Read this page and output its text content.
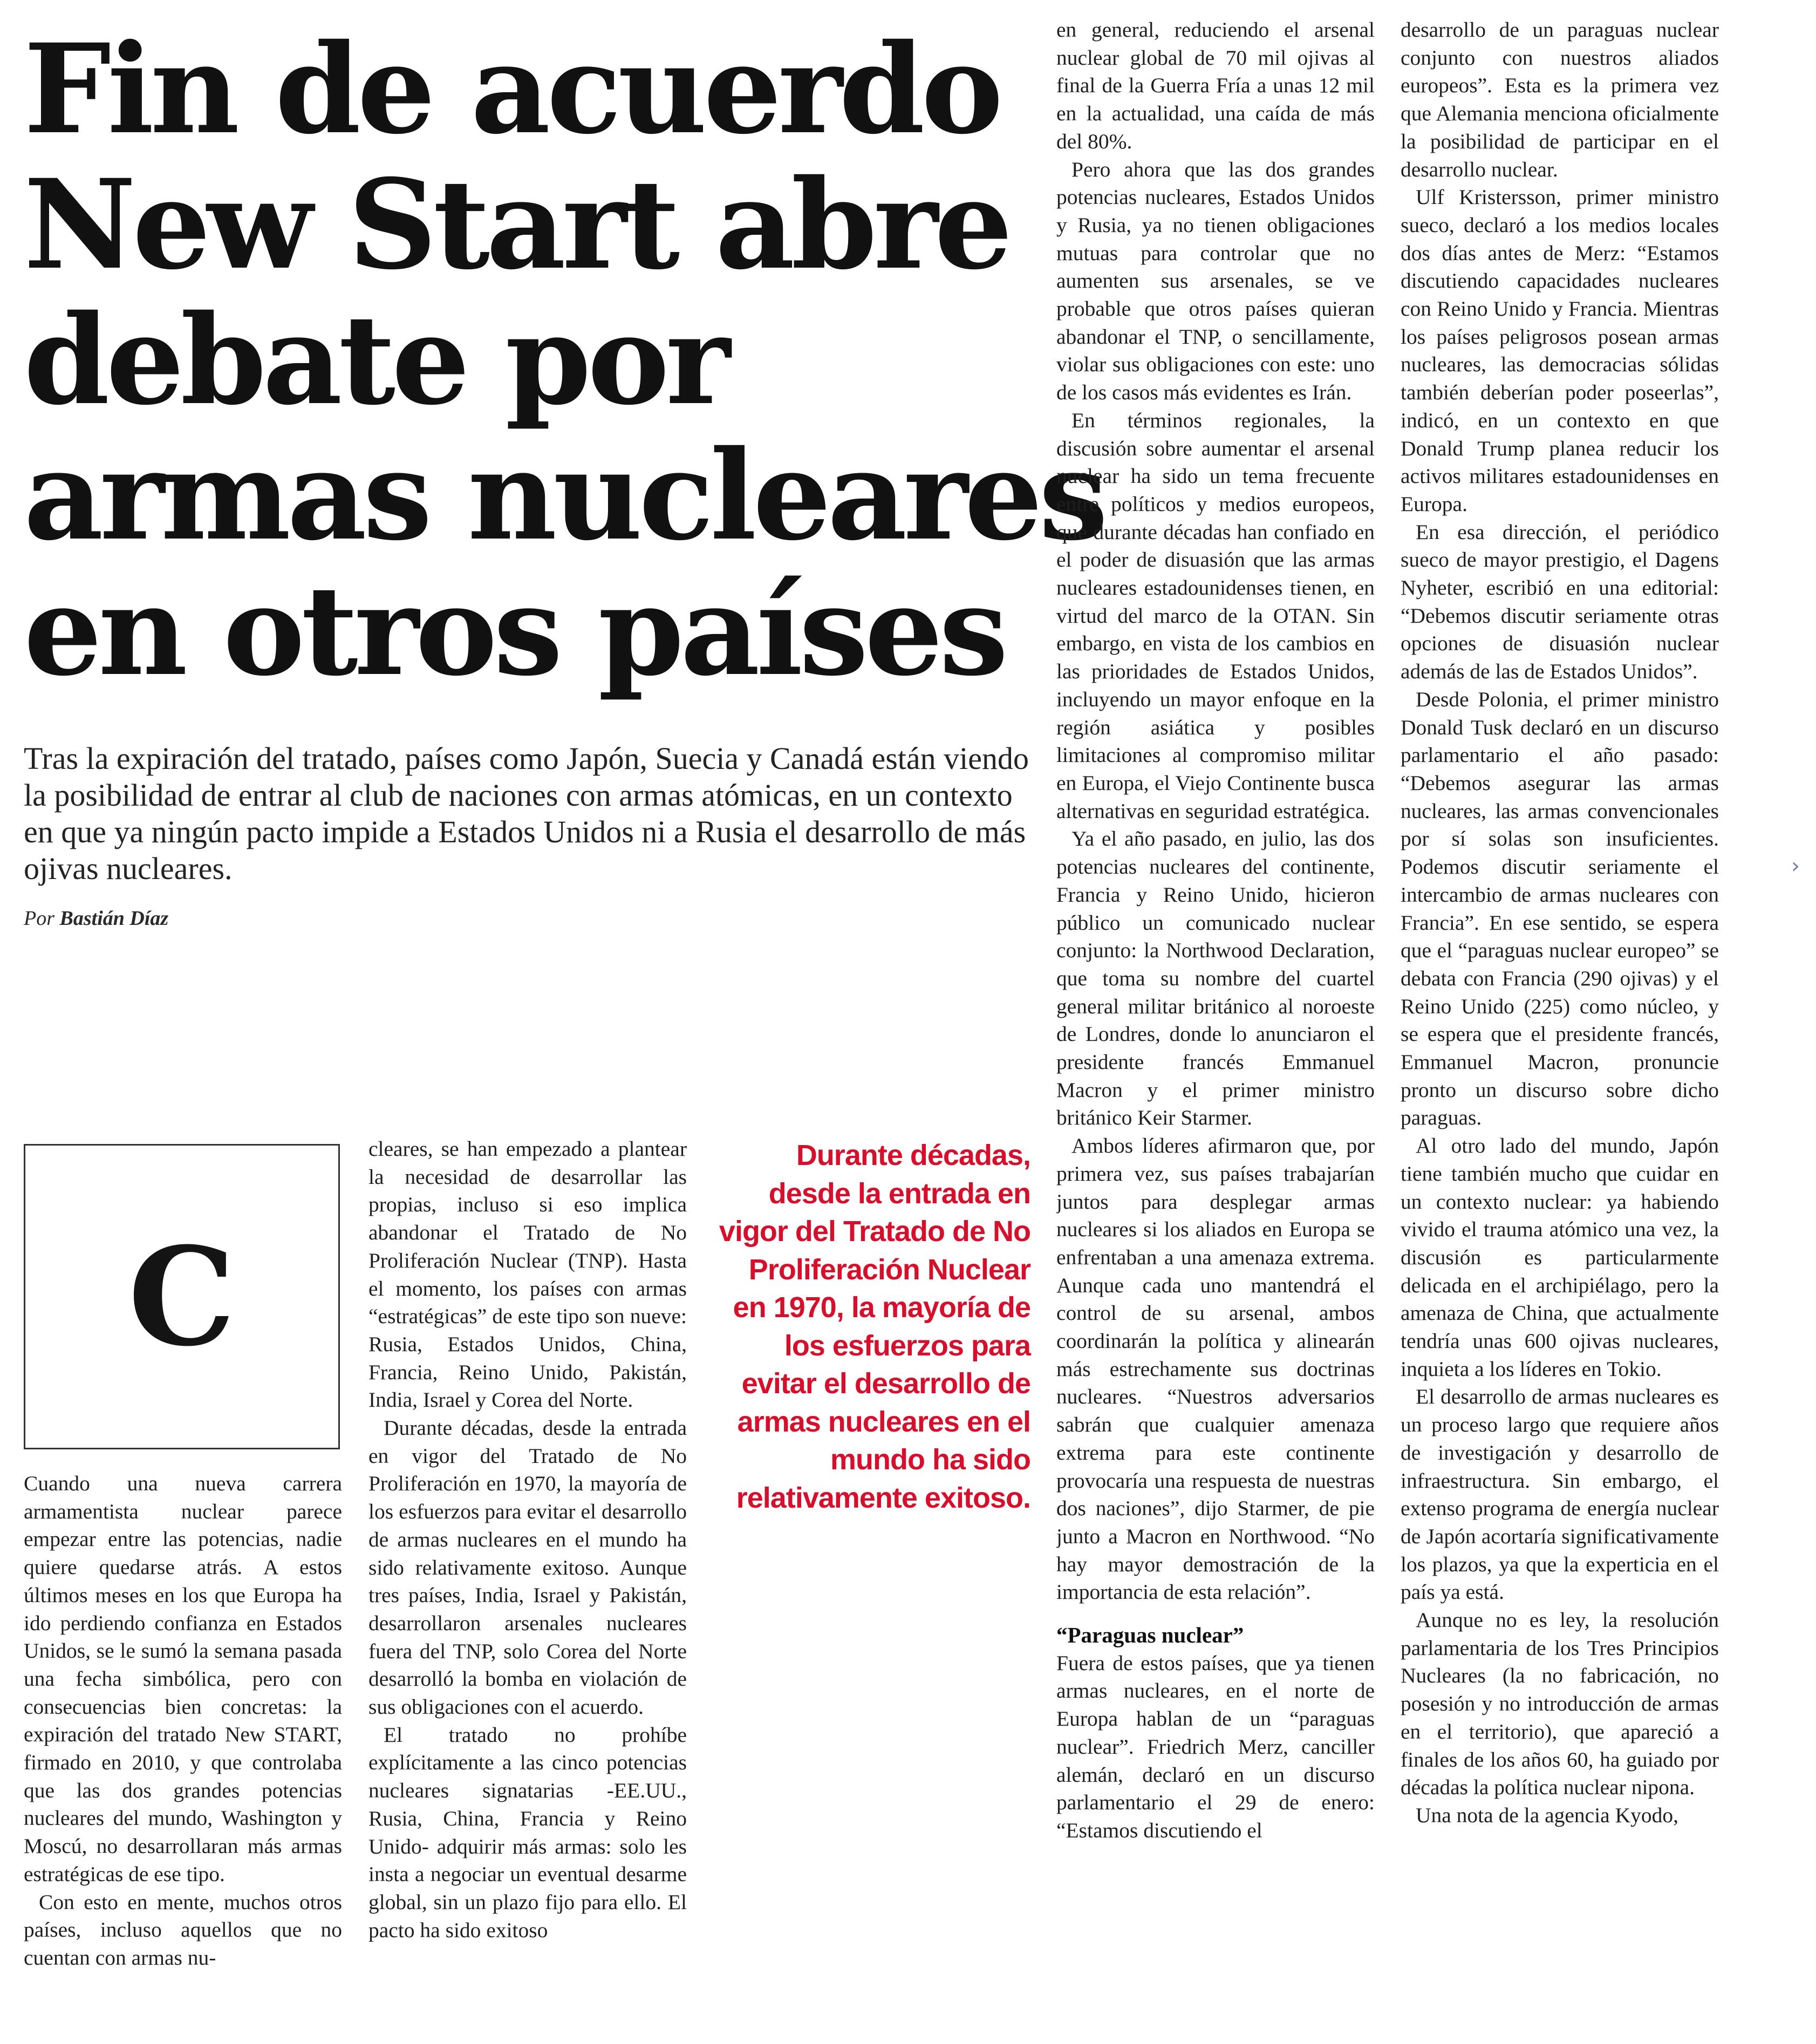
Fin de acuerdo
New Start abre
debate por
armas nucleares
en otros países

Tras la expiración del tratado, países como Japón, Suecia y Canadá están viendo la posibilidad de entrar al club de naciones con armas atómicas, en un contexto en que ya ningún pacto impide a Estados Unidos ni a Rusia el desarrollo de más ojivas nucleares.

Por Bastián Díaz

C

Cuando una nueva carrera armamentista nuclear parece empezar entre las potencias, nadie quiere quedarse atrás. A estos últimos meses en los que Europa ha ido perdiendo confianza en Estados Unidos, se le sumó la semana pasada una fecha simbólica, pero con consecuencias bien concretas: la expiración del tratado New START, firmado en 2010, y que controlaba que las dos grandes potencias nucleares del mundo, Washington y Moscú, no desarrollaran más armas estratégicas de ese tipo.

Con esto en mente, muchos otros países, incluso aquellos que no cuentan con armas nu-

cleares, se han empezado a plantear la necesidad de desarrollar las propias, incluso si eso implica abandonar el Tratado de No Proliferación Nuclear (TNP). Hasta el momento, los países con armas “estratégicas” de este tipo son nueve: Rusia, Estados Unidos, China, Francia, Reino Unido, Pakistán, India, Israel y Corea del Norte.

Durante décadas, desde la entrada en vigor del Tratado de No Proliferación en 1970, la mayoría de los esfuerzos para evitar el desarrollo de armas nucleares en el mundo ha sido relativamente exitoso. Aunque tres países, India, Israel y Pakistán, desarrollaron arsenales nucleares fuera del TNP, solo Corea del Norte desarrolló la bomba en violación de sus obligaciones con el acuerdo.

El tratado no prohíbe explícitamente a las cinco potencias nucleares signatarias -EE.UU., Rusia, China, Francia y Reino Unido- adquirir más armas: solo les insta a negociar un eventual desarme global, sin un plazo fijo para ello. El pacto ha sido exitoso

Durante décadas, desde la entrada en vigor del Tratado de No Proliferación Nuclear en 1970, la mayoría de los esfuerzos para evitar el desarrollo de armas nucleares en el mundo ha sido relativamente exitoso.

en general, reduciendo el arsenal nuclear global de 70 mil ojivas al final de la Guerra Fría a unas 12 mil en la actualidad, una caída de más del 80%.

Pero ahora que las dos grandes potencias nucleares, Estados Unidos y Rusia, ya no tienen obligaciones mutuas para controlar que no aumenten sus arsenales, se ve probable que otros países quieran abandonar el TNP, o sencillamente, violar sus obligaciones con este: uno de los casos más evidentes es Irán.

En términos regionales, la discusión sobre aumentar el arsenal nuclear ha sido un tema frecuente entre políticos y medios europeos, que durante décadas han confiado en el poder de disuasión que las armas nucleares estadounidenses tienen, en virtud del marco de la OTAN. Sin embargo, en vista de los cambios en las prioridades de Estados Unidos, incluyendo un mayor enfoque en la región asiática y posibles limitaciones al compromiso militar en Europa, el Viejo Continente busca alternativas en seguridad estratégica.

Ya el año pasado, en julio, las dos potencias nucleares del continente, Francia y Reino Unido, hicieron público un comunicado nuclear conjunto: la Northwood Declaration, que toma su nombre del cuartel general militar británico al noroeste de Londres, donde lo anunciaron el presidente francés Emmanuel Macron y el primer ministro británico Keir Starmer.

Ambos líderes afirmaron que, por primera vez, sus países trabajarían juntos para desplegar armas nucleares si los aliados en Europa se enfrentaban a una amenaza extrema. Aunque cada uno mantendrá el control de su arsenal, ambos coordinarán la política y alinearán más estrechamente sus doctrinas nucleares. “Nuestros adversarios sabrán que cualquier amenaza extrema para este continente provocaría una respuesta de nuestras dos naciones”, dijo Starmer, de pie junto a Macron en Northwood. “No hay mayor demostración de la importancia de esta relación”.

“Paraguas nuclear”

Fuera de estos países, que ya tienen armas nucleares, en el norte de Europa hablan de un “paraguas nuclear”. Friedrich Merz, canciller alemán, declaró en un discurso parlamentario el 29 de enero: “Estamos discutiendo el

desarrollo de un paraguas nuclear conjunto con nuestros aliados europeos”. Esta es la primera vez que Alemania menciona oficialmente la posibilidad de participar en el desarrollo nuclear.

Ulf Kristersson, primer ministro sueco, declaró a los medios locales dos días antes de Merz: “Estamos discutiendo capacidades nucleares con Reino Unido y Francia. Mientras los países peligrosos posean armas nucleares, las democracias sólidas también deberían poder poseerlas”, indicó, en un contexto en que Donald Trump planea reducir los activos militares estadounidenses en Europa.

En esa dirección, el periódico sueco de mayor prestigio, el Dagens Nyheter, escribió en una editorial: “Debemos discutir seriamente otras opciones de disuasión nuclear además de las de Estados Unidos”.

Desde Polonia, el primer ministro Donald Tusk declaró en un discurso parlamentario el año pasado: “Debemos asegurar las armas nucleares, las armas convencionales por sí solas son insuficientes. Podemos discutir seriamente el intercambio de armas nucleares con Francia”. En ese sentido, se espera que el “paraguas nuclear europeo” se debata con Francia (290 ojivas) y el Reino Unido (225) como núcleo, y se espera que el presidente francés, Emmanuel Macron, pronuncie pronto un discurso sobre dicho paraguas.

Al otro lado del mundo, Japón tiene también mucho que cuidar en un contexto nuclear: ya habiendo vivido el trauma atómico una vez, la discusión es particularmente delicada en el archipiélago, pero la amenaza de China, que actualmente tendría unas 600 ojivas nucleares, inquieta a los líderes en Tokio.

El desarrollo de armas nucleares es un proceso largo que requiere años de investigación y desarrollo de infraestructura. Sin embargo, el extenso programa de energía nuclear de Japón acortaría significativamente los plazos, ya que la experticia en el país ya está.

Aunque no es ley, la resolución parlamentaria de los Tres Principios Nucleares (la no fabricación, no posesión y no introducción de armas en el territorio), que apareció a finales de los años 60, ha guiado por décadas la política nuclear nipona.

Una nota de la agencia Kyodo,

›
